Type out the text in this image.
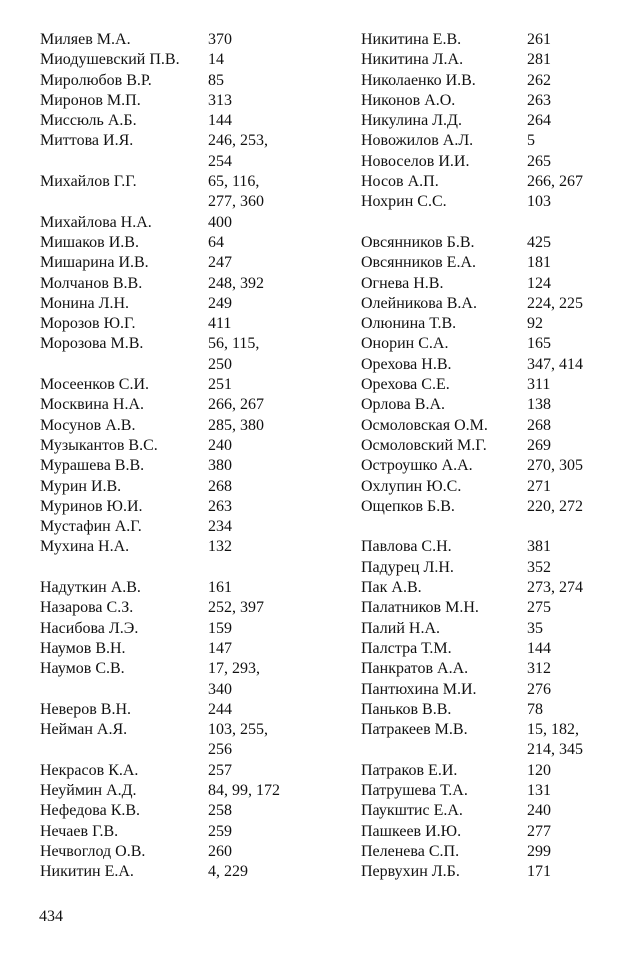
Миляев М.А.	370
Миодушевский П.В.	14
Миролюбов В.Р.	85
Миронов М.П.	313
Миссюль А.Б.	144
Миттова И.Я.	246, 253,
254
Михайлов Г.Г.	65, 116,
277, 360
Михайлова Н.А.	400
Мишаков И.В.	64
Мишарина И.В.	247
Молчанов В.В.	248, 392
Монина Л.Н.	249
Морозов Ю.Г.	411
Морозова М.В.	56, 115,
250
Мосеенков С.И.	251
Москвина Н.А.	266, 267
Мосунов А.В.	285, 380
Музыкантов В.С.	240
Мурашева В.В.	380
Мурин И.В.	268
Муринов Ю.И.	263
Мустафин А.Г.	234
Мухина Н.А.	132
Надуткин А.В.	161
Назарова С.З.	252, 397
Насибова Л.Э.	159
Наумов В.Н.	147
Наумов С.В.	17, 293,
340
Неверов В.Н.	244
Нейман А.Я.	103, 255,
256
Некрасов К.А.	257
Неуймин А.Д.	84, 99, 172
Нефедова К.В.	258
Нечаев Г.В.	259
Нечвоглод О.В.	260
Никитин Е.А.	4, 229
Никитина Е.В.	261
Никитина Л.А.	281
Николаенко И.В.	262
Никонов А.О.	263
Никулина Л.Д.	264
Новожилов А.Л.	5
Новоселов И.И.	265
Носов А.П.	266, 267
Нохрин С.С.	103
Овсянников Б.В.	425
Овсянников Е.А.	181
Огнева Н.В.	124
Олейникова В.А.	224, 225
Олюнина Т.В.	92
Онорин С.А.	165
Орехова Н.В.	347, 414
Орехова С.Е.	311
Орлова В.А.	138
Осмоловская О.М.	268
Осмоловский М.Г.	269
Остроушко А.А.	270, 305
Охлупин Ю.С.	271
Ощепков Б.В.	220, 272
Павлова С.Н.	381
Падурец Л.Н.	352
Пак А.В.	273, 274
Палатников М.Н.	275
Палий Н.А.	35
Палстра Т.М.	144
Панкратов А.А.	312
Пантюхина М.И.	276
Паньков В.В.	78
Патракеев М.В.	15, 182,
214, 345
Патраков Е.И.	120
Патрушева Т.А.	131
Паукштис Е.А.	240
Пашкеев И.Ю.	277
Пеленева С.П.	299
Первухин Л.Б.	171
434
